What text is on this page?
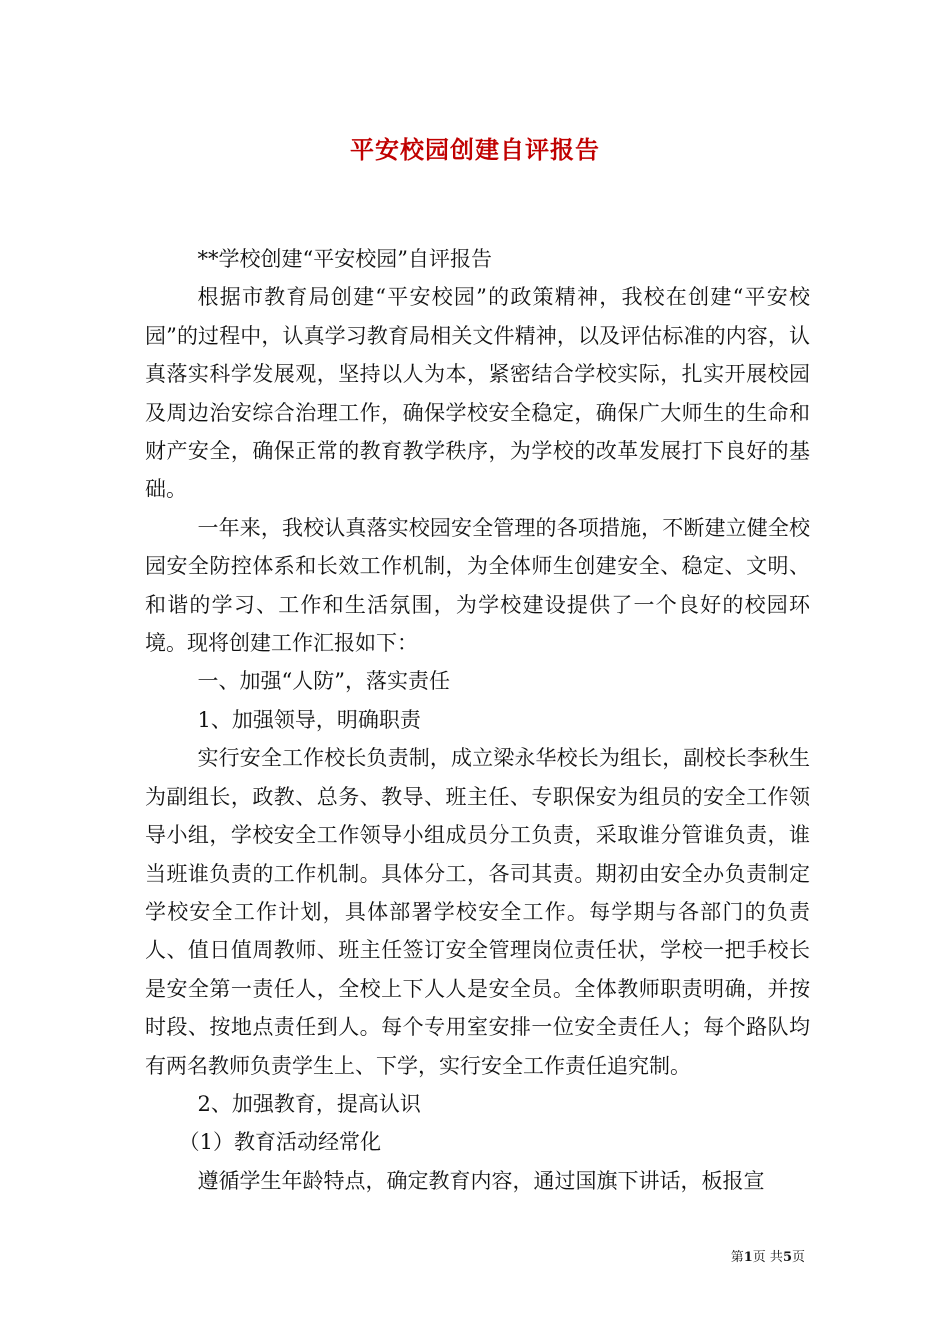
平安校园创建自评报告

**学校创建“平安校园”自评报告

根据市教育局创建“平安校园”的政策精神，我校在创建“平安校园”的过程中，认真学习教育局相关文件精神，以及评估标准的内容，认真落实科学发展观，坚持以人为本，紧密结合学校实际，扎实开展校园及周边治安综合治理工作，确保学校安全稳定，确保广大师生的生命和财产安全，确保正常的教育教学秩序，为学校的改革发展打下良好的基础。

一年来，我校认真落实校园安全管理的各项措施，不断建立健全校园安全防控体系和长效工作机制，为全体师生创建安全、稳定、文明、和谐的学习、工作和生活氛围，为学校建设提供了一个良好的校园环境。现将创建工作汇报如下：

一、加强“人防”，落实责任

1、加强领导，明确职责

实行安全工作校长负责制，成立梁永华校长为组长，副校长李秋生为副组长，政教、总务、教导、班主任、专职保安为组员的安全工作领导小组，学校安全工作领导小组成员分工负责，采取谁分管谁负责，谁当班谁负责的工作机制。具体分工，各司其责。期初由安全办负责制定学校安全工作计划，具体部署学校安全工作。每学期与各部门的负责人、值日值周教师、班主任签订安全管理岗位责任状，学校一把手校长是安全第一责任人，全校上下人人是安全员。全体教师职责明确，并按时段、按地点责任到人。每个专用室安排一位安全责任人；每个路队均有两名教师负责学生上、下学，实行安全工作责任追究制。

2、加强教育，提高认识

（1）教育活动经常化

遵循学生年龄特点，确定教育内容，通过国旗下讲话，板报宣

第1页 共5页
